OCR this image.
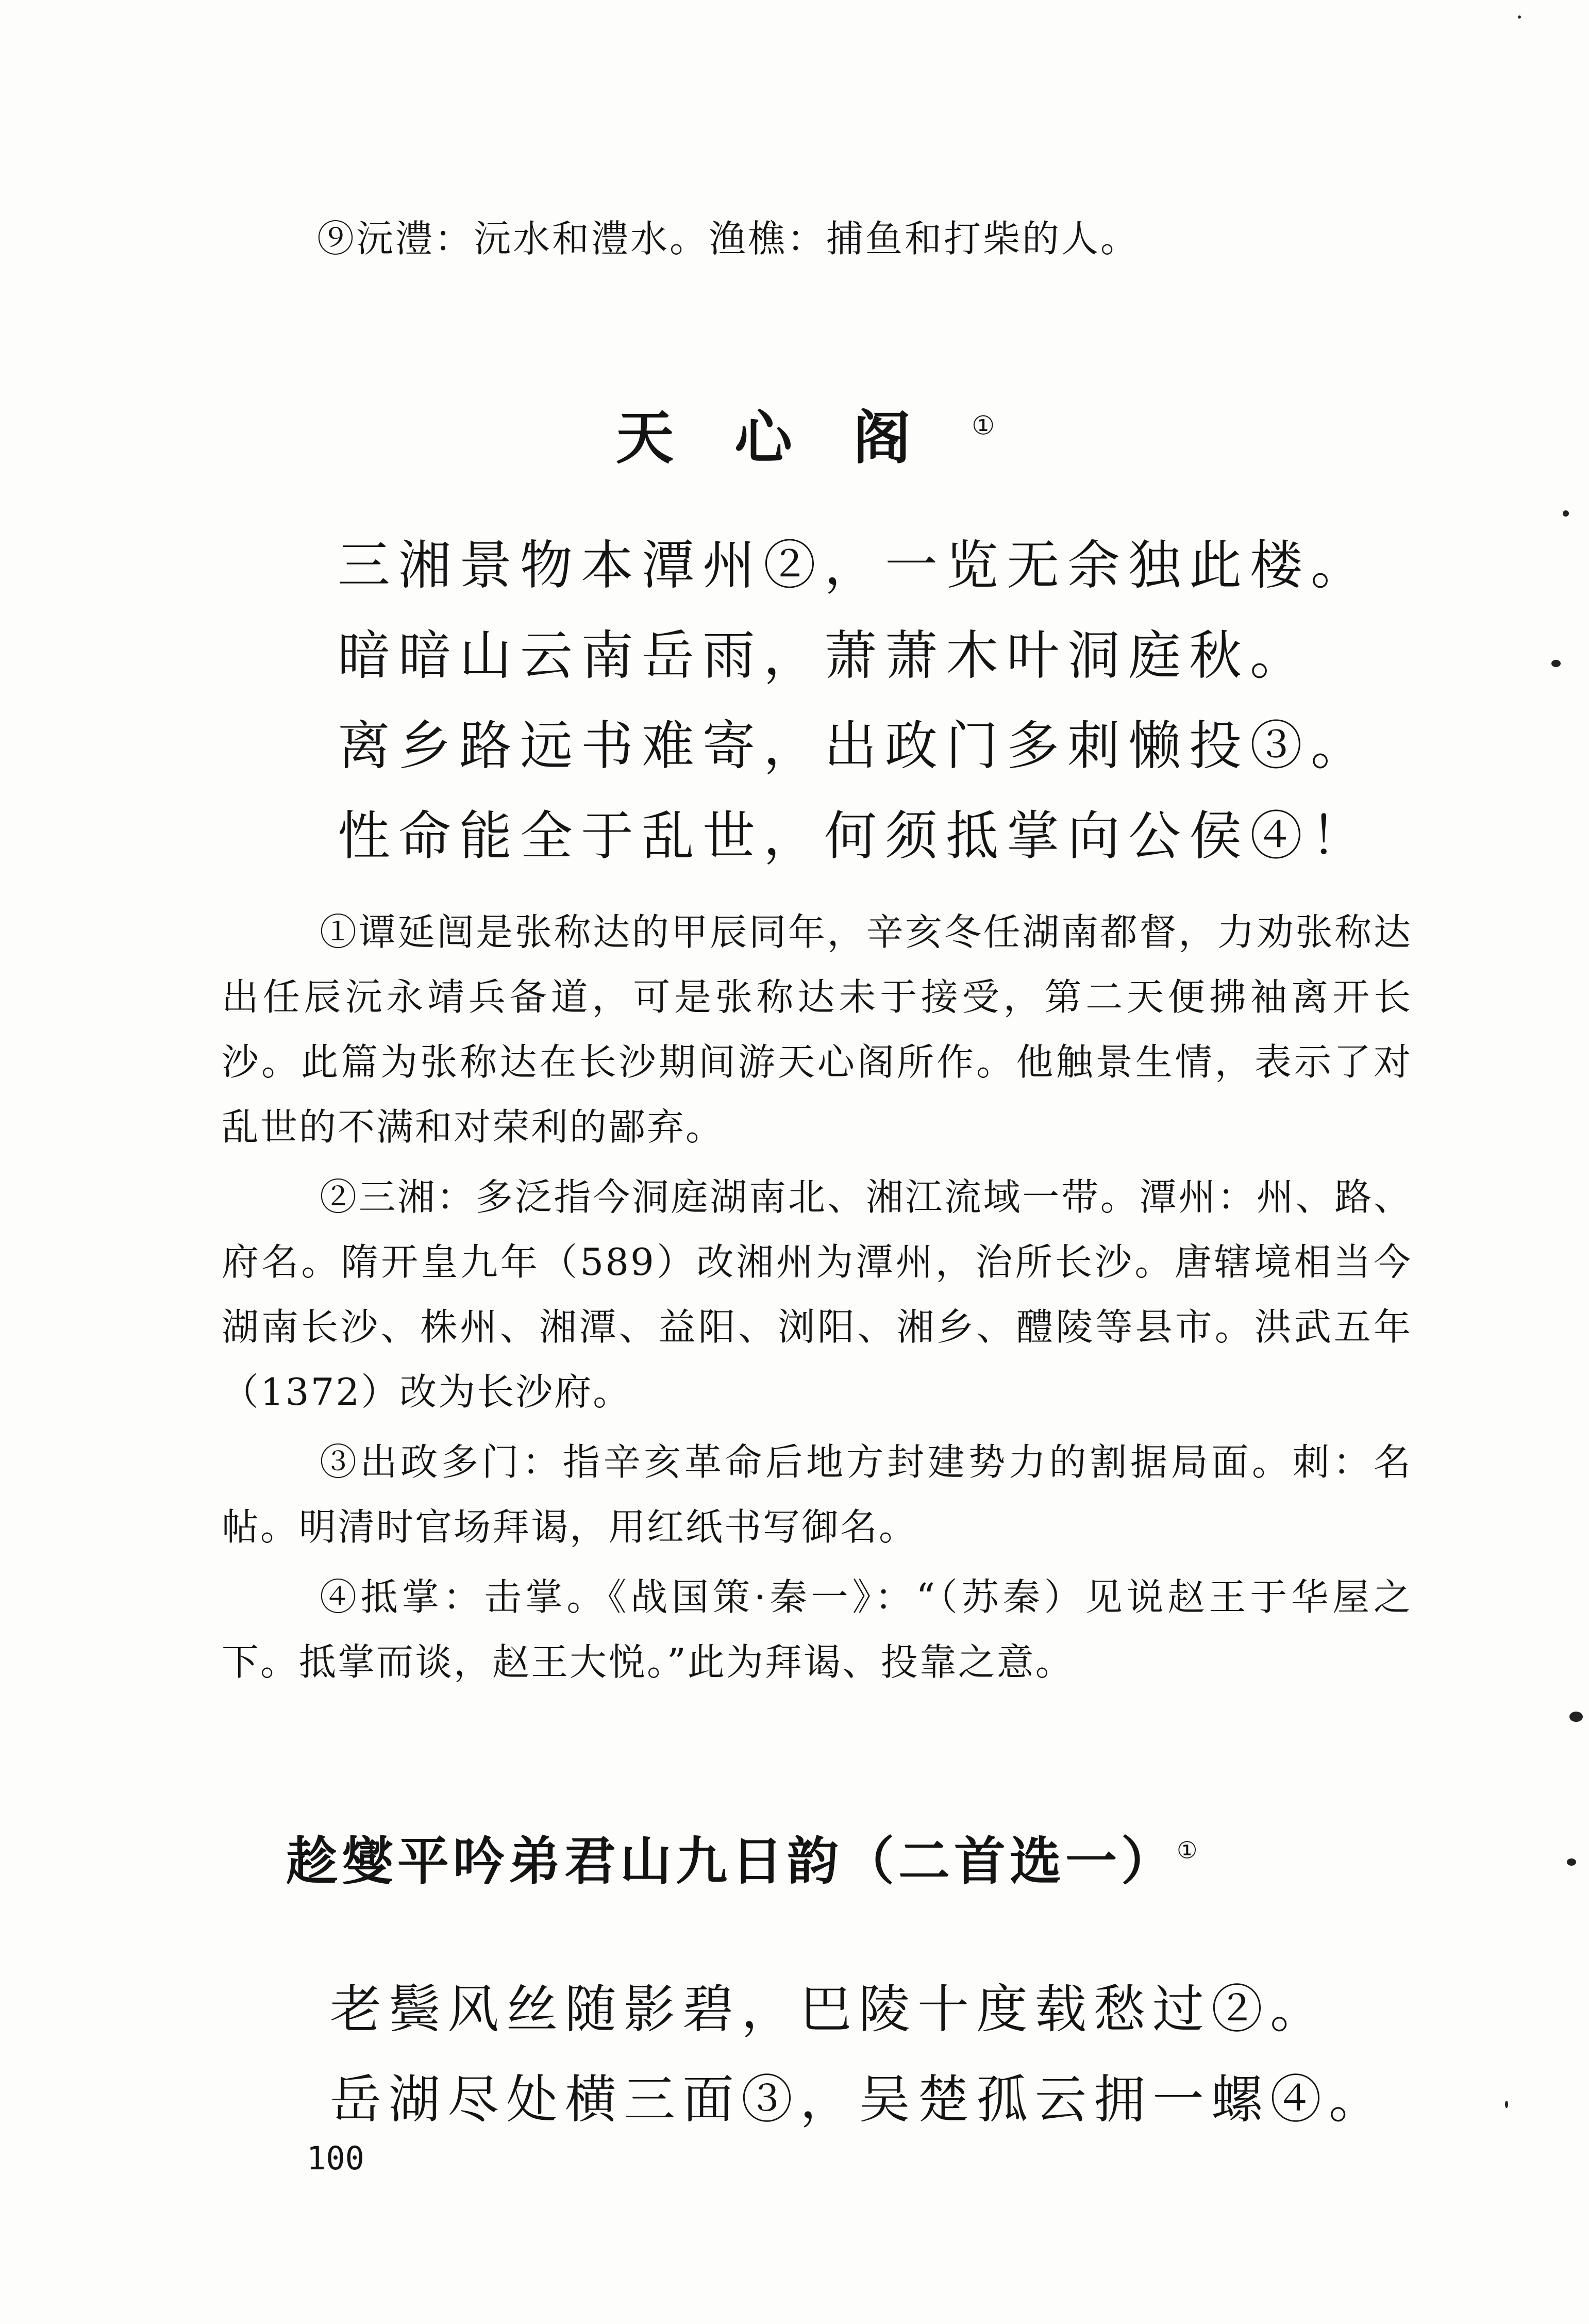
⑨沅澧：沅水和澧水。渔樵：捕鱼和打柴的人。
天心阁①
三湘景物本潭州②，一览无余独此楼。
暗暗山云南岳雨，萧萧木叶洞庭秋。
离乡路远书难寄，出政门多刺懒投③。
性命能全于乱世，何须抵掌向公侯④！

①谭延闿是张称达的甲辰同年，辛亥冬任湖南都督，力劝张称达出任辰沅永靖兵备道，可是张称达未于接受，第二天便拂袖离开长沙。此篇为张称达在长沙期间游天心阁所作。他触景生情，表示了对乱世的不满和对荣利的鄙弃。

②三湘：多泛指今洞庭湖南北、湘江流域一带。潭州：州、路、府名。隋开皇九年（589）改湘州为潭州，治所长沙。唐辖境相当今湖南长沙、株州、湘潭、益阳、浏阳、湘乡、醴陵等县市。洪武五年（1372）改为长沙府。

③出政多门：指辛亥革命后地方封建势力的割据局面。刺：名帖。明清时官场拜谒，用红纸书写御名。

④抵掌：击掌。《战国策·秦一》：“（苏秦）见说赵王于华屋之下。抵掌而谈，赵王大悦。”此为拜谒、投靠之意。

趁燮平吟弟君山九日韵（二首选一）①
老鬓风丝随影碧，巴陵十度载愁过②。
岳湖尽处横三面③，吴楚孤云拥一螺④。
100
